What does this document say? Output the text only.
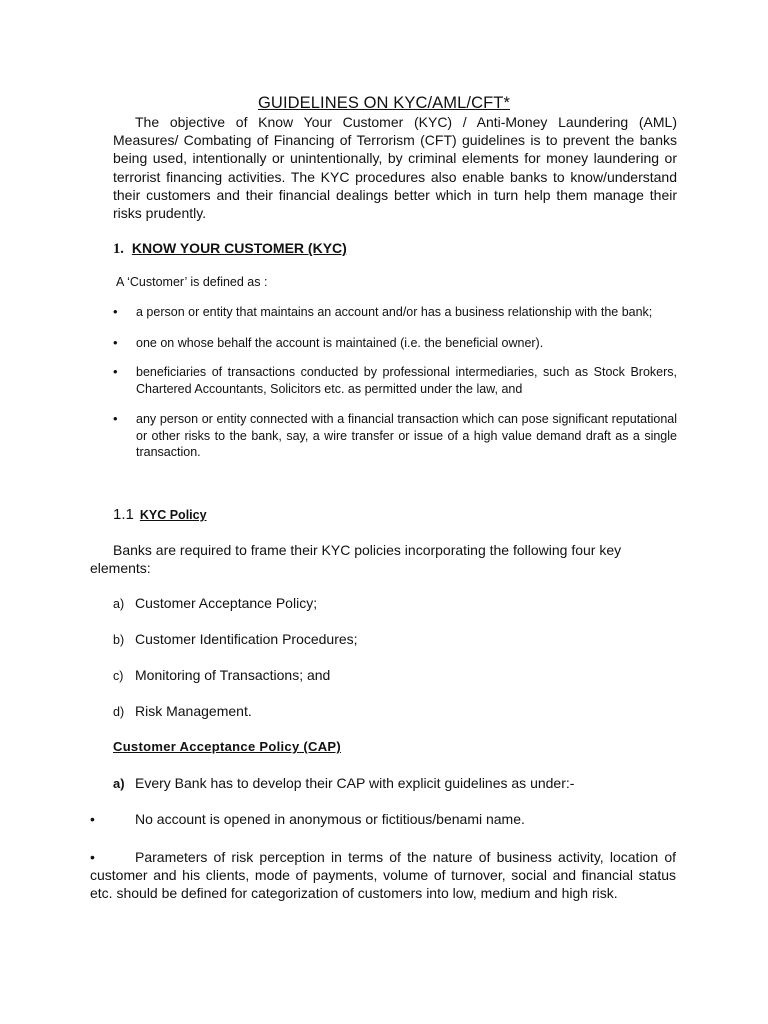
GUIDELINES ON KYC/AML/CFT*
The objective of Know Your Customer (KYC) / Anti-Money Laundering (AML) Measures/ Combating of Financing of Terrorism (CFT) guidelines is to prevent the banks being used, intentionally or unintentionally, by criminal elements for money laundering or terrorist financing activities. The KYC procedures also enable banks to know/understand their customers and their financial dealings better which in turn help them manage their risks prudently.
1. KNOW YOUR CUSTOMER (KYC)
A ‘Customer’ is defined as :
• a person or entity that maintains an account and/or has a business relationship with the bank;
• one on whose behalf the account is maintained (i.e. the beneficial owner).
• beneficiaries of transactions conducted by professional intermediaries, such as Stock Brokers, Chartered Accountants, Solicitors etc. as permitted under the law, and
• any person or entity connected with a financial transaction which can pose significant reputational or other risks to the bank, say, a wire transfer or issue of a high value demand draft as a single transaction.
1.1 KYC Policy
Banks are required to frame their KYC policies incorporating the following four key elements:
a) Customer Acceptance Policy;
b) Customer Identification Procedures;
c) Monitoring of Transactions; and
d) Risk Management.
Customer Acceptance Policy (CAP)
a) Every Bank has to develop their CAP with explicit guidelines as under:-
•	No account is opened in anonymous or fictitious/benami name.
•	Parameters of risk perception in terms of the nature of business activity, location of customer and his clients, mode of payments, volume of turnover, social and financial status etc. should be defined for categorization of customers into low, medium and high risk.
